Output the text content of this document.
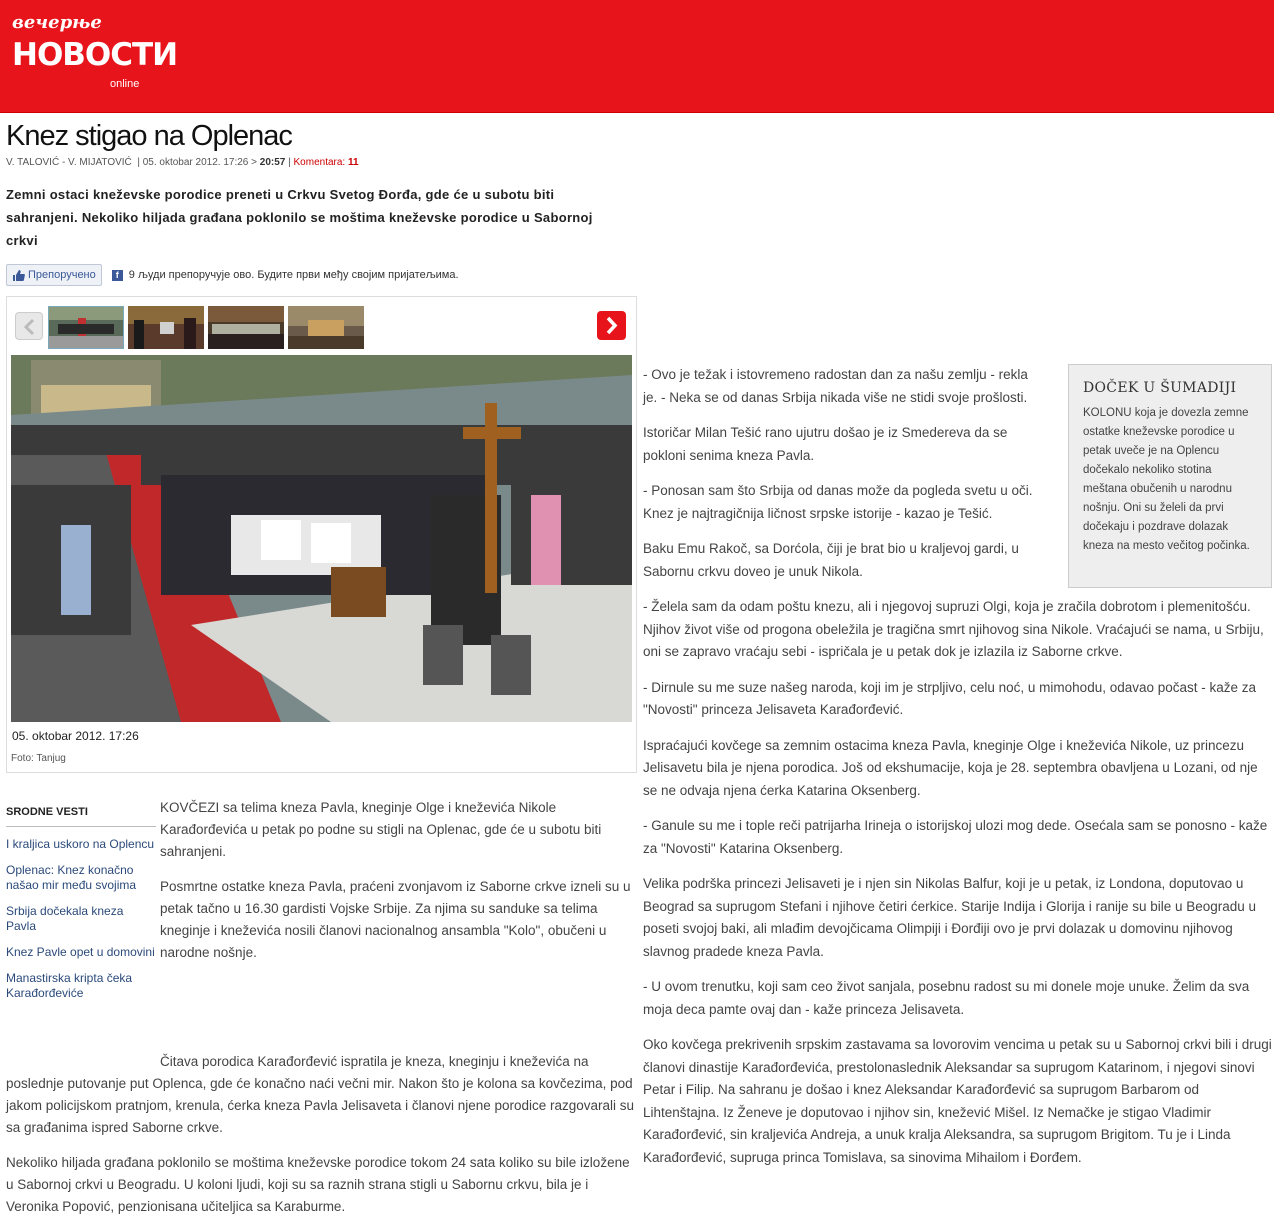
вечерње
НОВОСТИ
online
Knez stigao na Oplenac
V. TALOVIĆ - V. MIJATOVIĆ  | 05. oktobar 2012. 17:26 > 20:57 | Komentara: 11
Zemni ostaci kneževske porodice preneti u Crkvu Svetog Đorđa, gde će u subotu biti sahranjeni. Nekoliko hiljada građana poklonilo se moštima kneževske porodice u Sabornoj crkvi
Препоручено	f 9 људи препоручује ово. Будите први међу својим пријатељима.
05. oktobar 2012. 17:26
Foto: Tanjug
SRODNE VESTI
I kraljica uskoro na Oplencu
Oplenac: Knez konačno našao mir među svojima
Srbija dočekala kneza Pavla
Knez Pavle opet u domovini
Manastirska kripta čeka Karađorđeviće

KOVČEZI sa telima kneza Pavla, kneginje Olge i kneževića Nikole Karađorđevića u petak po podne su stigli na Oplenac, gde će u subotu biti sahranjeni.

Posmrtne ostatke kneza Pavla, praćeni zvonjavom iz Saborne crkve izneli su u petak tačno u 16.30 gardisti Vojske Srbije. Za njima su sanduke sa telima kneginje i kneževića nosili članovi nacionalnog ansambla "Kolo", obučeni u narodne nošnje.

Čitava porodica Karađorđević ispratila je kneza, kneginju i kneževića na poslednje putovanje put Oplenca, gde će konačno naći večni mir. Nakon što je kolona sa kovčezima, pod jakom policijskom pratnjom, krenula, ćerka kneza Pavla Jelisaveta i članovi njene porodice razgovarali su sa građanima ispred Saborne crkve.

Nekoliko hiljada građana poklonilo se moštima kneževske porodice tokom 24 sata koliko su bile izložene u Sabornoj crkvi u Beogradu. U koloni ljudi, koji su sa raznih strana stigli u Sabornu crkvu, bila je i Veronika Popović, penzionisana učiteljica sa Karaburme.

DOČEK U ŠUMADIJI
KOLONU koja je dovezla zemne ostatke kneževske porodice u petak uveče je na Oplencu dočekalo nekoliko stotina meštana obučenih u narodnu nošnju. Oni su želeli da prvi dočekaju i pozdrave dolazak kneza na mesto večitog počinka.

- Ovo je težak i istovremeno radostan dan za našu zemlju - rekla je. - Neka se od danas Srbija nikada više ne stidi svoje prošlosti.

Istoričar Milan Tešić rano ujutru došao je iz Smedereva da se pokloni senima kneza Pavla.

- Ponosan sam što Srbija od danas može da pogleda svetu u oči. Knez je najtragičnija ličnost srpske istorije - kazao je Tešić.

Baku Emu Rakoč, sa Dorćola, čiji je brat bio u kraljevoj gardi, u Sabornu crkvu doveo je unuk Nikola.

- Želela sam da odam poštu knezu, ali i njegovoj supruzi Olgi, koja je zračila dobrotom i plemenitošću. Njihov život više od progona obeležila je tragična smrt njihovog sina Nikole. Vraćajući se nama, u Srbiju, oni se zapravo vraćaju sebi - ispričala je u petak dok je izlazila iz Saborne crkve.

- Dirnule su me suze našeg naroda, koji im je strpljivo, celu noć, u mimohodu, odavao počast - kaže za "Novosti" princeza Jelisaveta Karađorđević.

Ispraćajući kovčege sa zemnim ostacima kneza Pavla, kneginje Olge i kneževića Nikole, uz princezu Jelisavetu bila je njena porodica. Još od ekshumacije, koja je 28. septembra obavljena u Lozani, od nje se ne odvaja njena ćerka Katarina Oksenberg.

- Ganule su me i tople reči patrijarha Irineja o istorijskoj ulozi mog dede. Osećala sam se ponosno - kaže za "Novosti" Katarina Oksenberg.

Velika podrška princezi Jelisaveti je i njen sin Nikolas Balfur, koji je u petak, iz Londona, doputovao u Beograd sa suprugom Stefani i njihove četiri ćerkice. Starije Indija i Glorija i ranije su bile u Beogradu u poseti svojoj baki, ali mlađim devojčicama Olimpiji i Đorđiji ovo je prvi dolazak u domovinu njihovog slavnog pradede kneza Pavla.

- U ovom trenutku, koji sam ceo život sanjala, posebnu radost su mi donele moje unuke. Želim da sva moja deca pamte ovaj dan - kaže princeza Jelisaveta.

Oko kovčega prekrivenih srpskim zastavama sa lovorovim vencima u petak su u Sabornoj crkvi bili i drugi članovi dinastije Karađorđevića, prestolonaslednik Aleksandar sa suprugom Katarinom, i njegovi sinovi Petar i Filip. Na sahranu je došao i knez Aleksandar Karađorđević sa suprugom Barbarom od Lihtenštajna. Iz Ženeve je doputovao i njihov sin, knežević Mišel. Iz Nemačke je stigao Vladimir Karađorđević, sin kraljevića Andreja, a unuk kralja Aleksandra, sa suprugom Brigitom. Tu je i Linda Karađorđević, supruga princa Tomislava, sa sinovima Mihailom i Đorđem.
